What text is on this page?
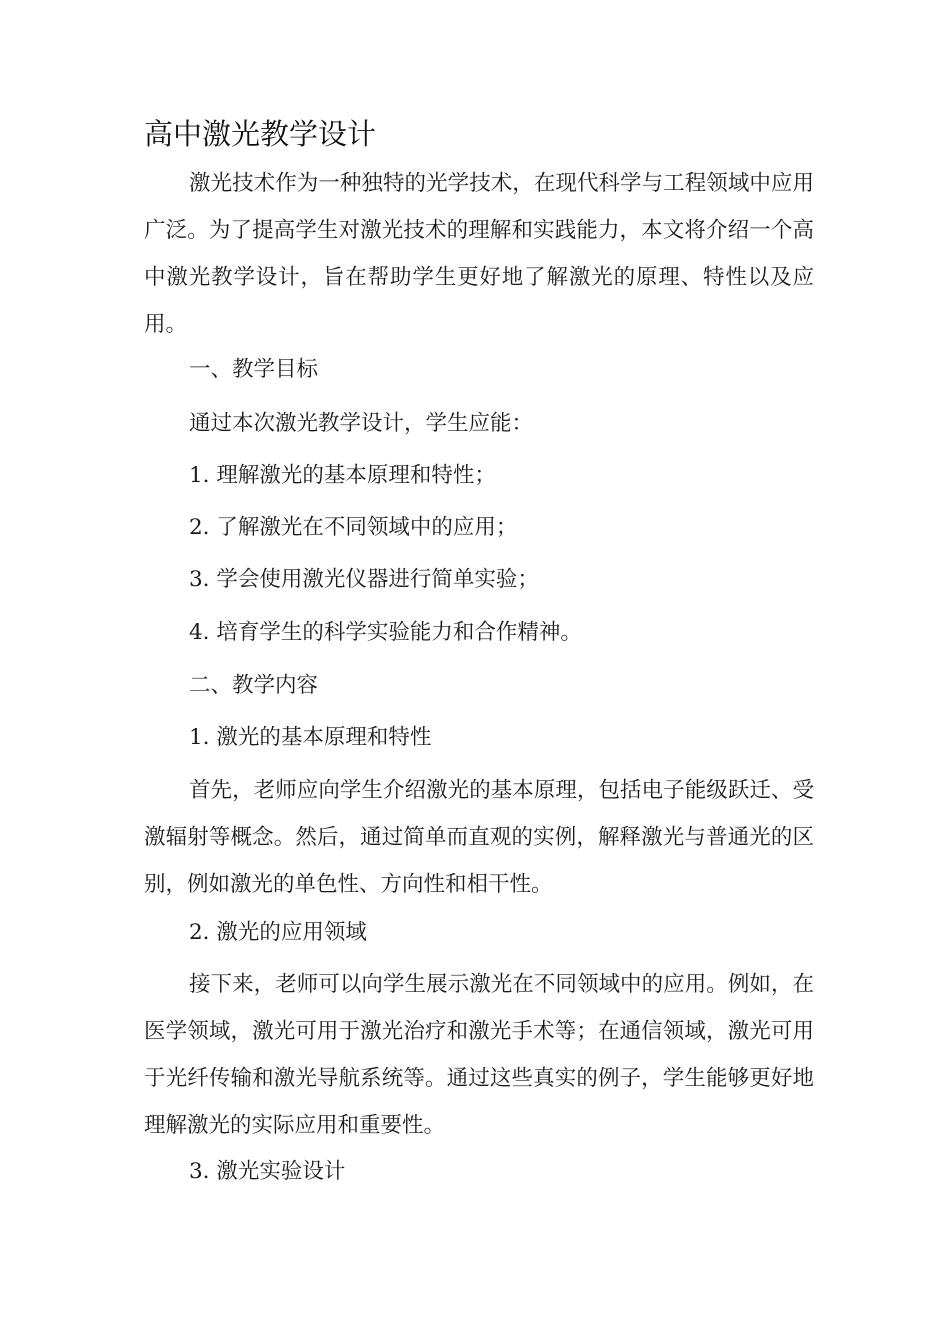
高中激光教学设计

激光技术作为一种独特的光学技术，在现代科学与工程领域中应用广泛。为了提高学生对激光技术的理解和实践能力，本文将介绍一个高中激光教学设计，旨在帮助学生更好地了解激光的原理、特性以及应用。

一、教学目标

通过本次激光教学设计，学生应能：

1. 理解激光的基本原理和特性；

2. 了解激光在不同领域中的应用；

3. 学会使用激光仪器进行简单实验；

4. 培育学生的科学实验能力和合作精神。

二、教学内容

1. 激光的基本原理和特性

首先，老师应向学生介绍激光的基本原理，包括电子能级跃迁、受激辐射等概念。然后，通过简单而直观的实例，解释激光与普通光的区别，例如激光的单色性、方向性和相干性。

2. 激光的应用领域

接下来，老师可以向学生展示激光在不同领域中的应用。例如，在医学领域，激光可用于激光治疗和激光手术等；在通信领域，激光可用于光纤传输和激光导航系统等。通过这些真实的例子，学生能够更好地理解激光的实际应用和重要性。

3. 激光实验设计
